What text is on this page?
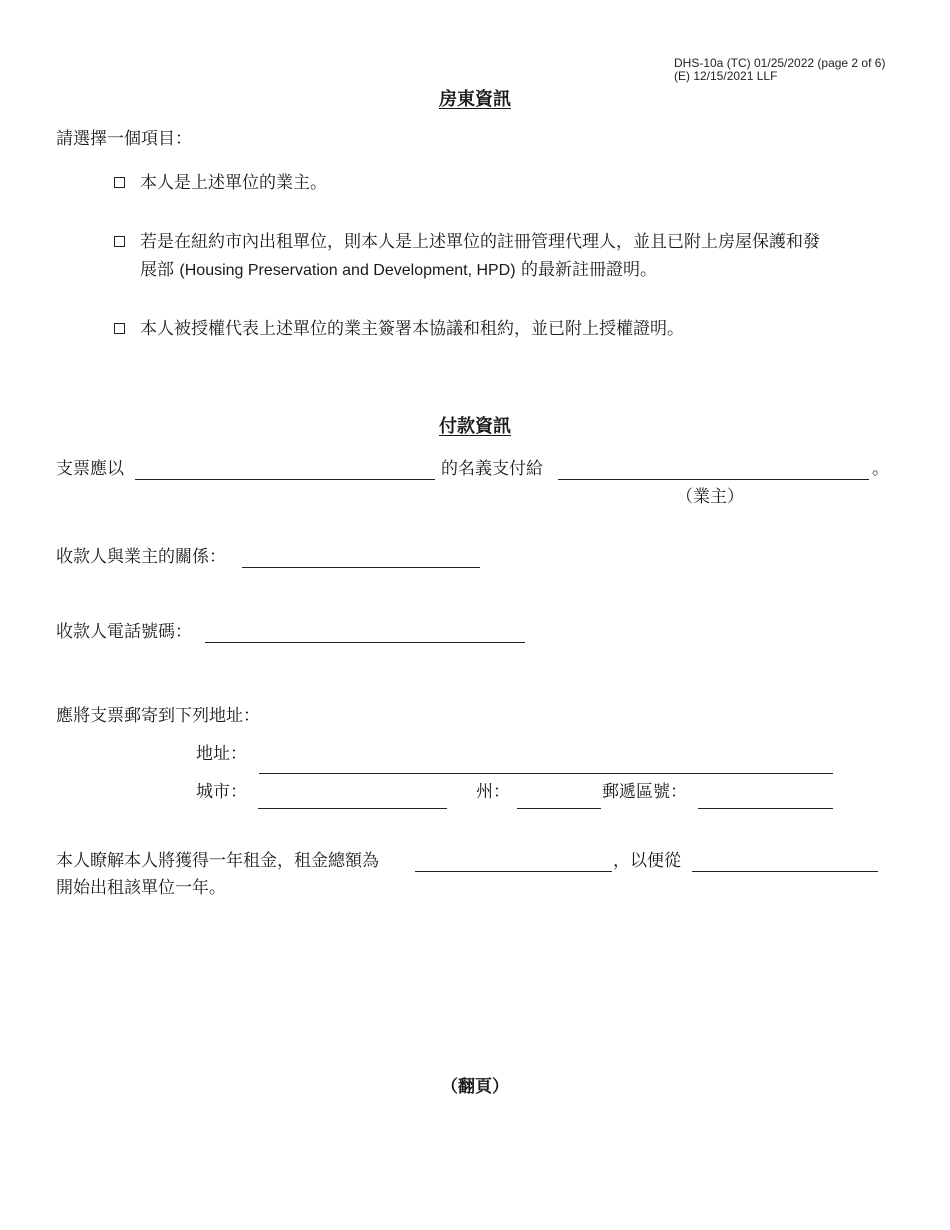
DHS-10a (TC) 01/25/2022 (page 2 of 6)
(E) 12/15/2021 LLF
房東資訊
請選擇一個項目：
本人是上述單位的業主。
若是在紐約市內出租單位，則本人是上述單位的註冊管理代理人，並且已附上房屋保護和發
展部 (Housing Preservation and Development, HPD) 的最新註冊證明。
本人被授權代表上述單位的業主簽署本協議和租約，並已附上授權證明。
付款資訊
支票應以	的名義支付給	。
（業主）
收款人與業主的關係：
收款人電話號碼：
應將支票郵寄到下列地址：
地址：
城市：	州：	郵遞區號：
本人瞭解本人將獲得一年租金，租金總額為	，以便從
開始出租該單位一年。
（翻頁）
